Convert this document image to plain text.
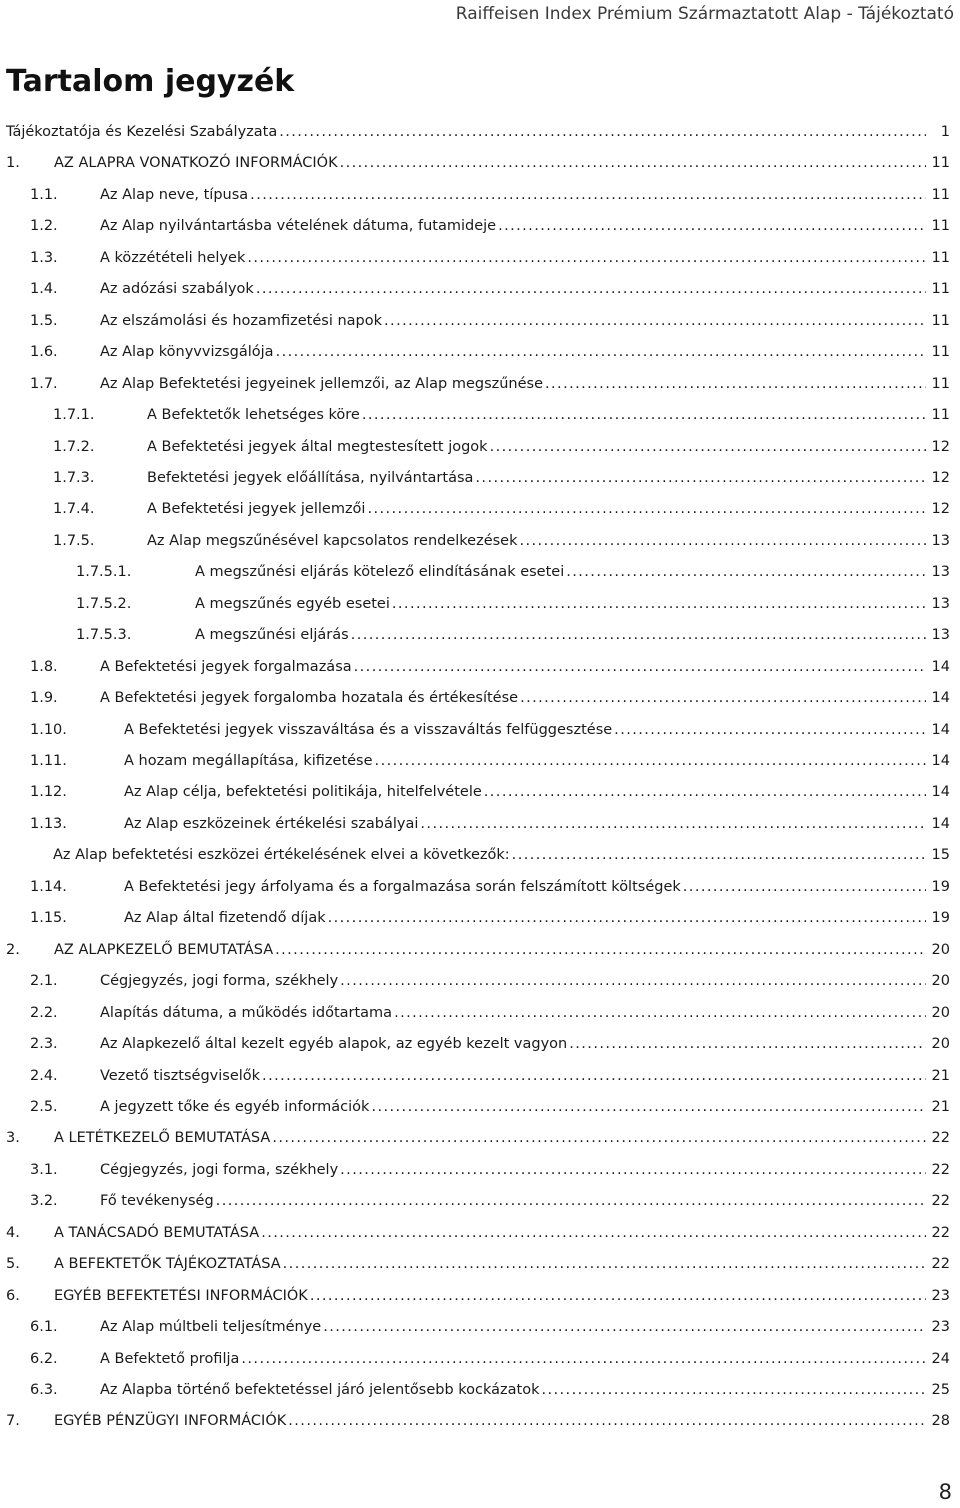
Raiffeisen Index Prémium Származtatott Alap - Tájékoztató
Tartalom jegyzék
Tájékoztatója és Kezelési Szabályzata . . .	1
1.	AZ ALAPRA VONATKOZÓ INFORMÁCIÓK . . .	11
1.1.	Az Alap neve, típusa . . .	11
1.2.	Az Alap nyilvántartásba vételének dátuma, futamideje . . .	11
1.3.	A közzétételi helyek . . .	11
1.4.	Az adózási szabályok . . .	11
1.5.	Az elszámolási és hozamfizetési napok . . .	11
1.6.	Az Alap könyvvizsgálója . . .	11
1.7.	Az Alap Befektetési jegyeinek jellemzői, az Alap megszűnése . . .	11
1.7.1.	A Befektetők lehetséges köre . . .	11
1.7.2.	A Befektetési jegyek által megtestesített jogok . . .	12
1.7.3.	Befektetési jegyek előállítása, nyilvántartása . . .	12
1.7.4.	A Befektetési jegyek jellemzői . . .	12
1.7.5.	Az Alap megszűnésével kapcsolatos rendelkezések . . .	13
1.7.5.1.	A megszűnési eljárás kötelező elindításának esetei . . .	13
1.7.5.2.	A megszűnés egyéb esetei . . .	13
1.7.5.3.	A megszűnési eljárás . . .	13
1.8.	A Befektetési jegyek forgalmazása . . .	14
1.9.	A Befektetési jegyek forgalomba hozatala és értékesítése . . .	14
1.10.	A Befektetési jegyek visszaváltása és a visszaváltás felfüggesztése . . .	14
1.11.	A hozam megállapítása, kifizetése . . .	14
1.12.	Az Alap célja, befektetési politikája, hitelfelvétele . . .	14
1.13.	Az Alap eszközeinek értékelési szabályai . . .	14
Az Alap befektetési eszközei értékelésének elvei a következők: . . .	15
1.14.	A Befektetési jegy árfolyama és a forgalmazása során felszámított költségek . . .	19
1.15.	Az Alap által fizetendő díjak . . .	19
2.	AZ ALAPKEZELŐ BEMUTATÁSA . . .	20
2.1.	Cégjegyzés, jogi forma, székhely . . .	20
2.2.	Alapítás dátuma, a működés időtartama . . .	20
2.3.	Az Alapkezelő által kezelt egyéb alapok, az egyéb kezelt vagyon . . .	20
2.4.	Vezető tisztségviselők . . .	21
2.5.	A jegyzett tőke és egyéb információk . . .	21
3.	A LETÉTKEZELŐ BEMUTATÁSA . . .	22
3.1.	Cégjegyzés, jogi forma, székhely . . .	22
3.2.	Fő tevékenység . . .	22
4.	A TANÁCSADÓ BEMUTATÁSA . . .	22
5.	A BEFEKTETŐK TÁJÉKOZTATÁSA . . .	22
6.	EGYÉB BEFEKTETÉSI INFORMÁCIÓK . . .	23
6.1.	Az Alap múltbeli teljesítménye . . .	23
6.2.	A Befektető profilja . . .	24
6.3.	Az Alapba történő befektetéssel járó jelentősebb kockázatok . . .	25
7.	EGYÉB PÉNZÜGYI INFORMÁCIÓK . . .	28
8
